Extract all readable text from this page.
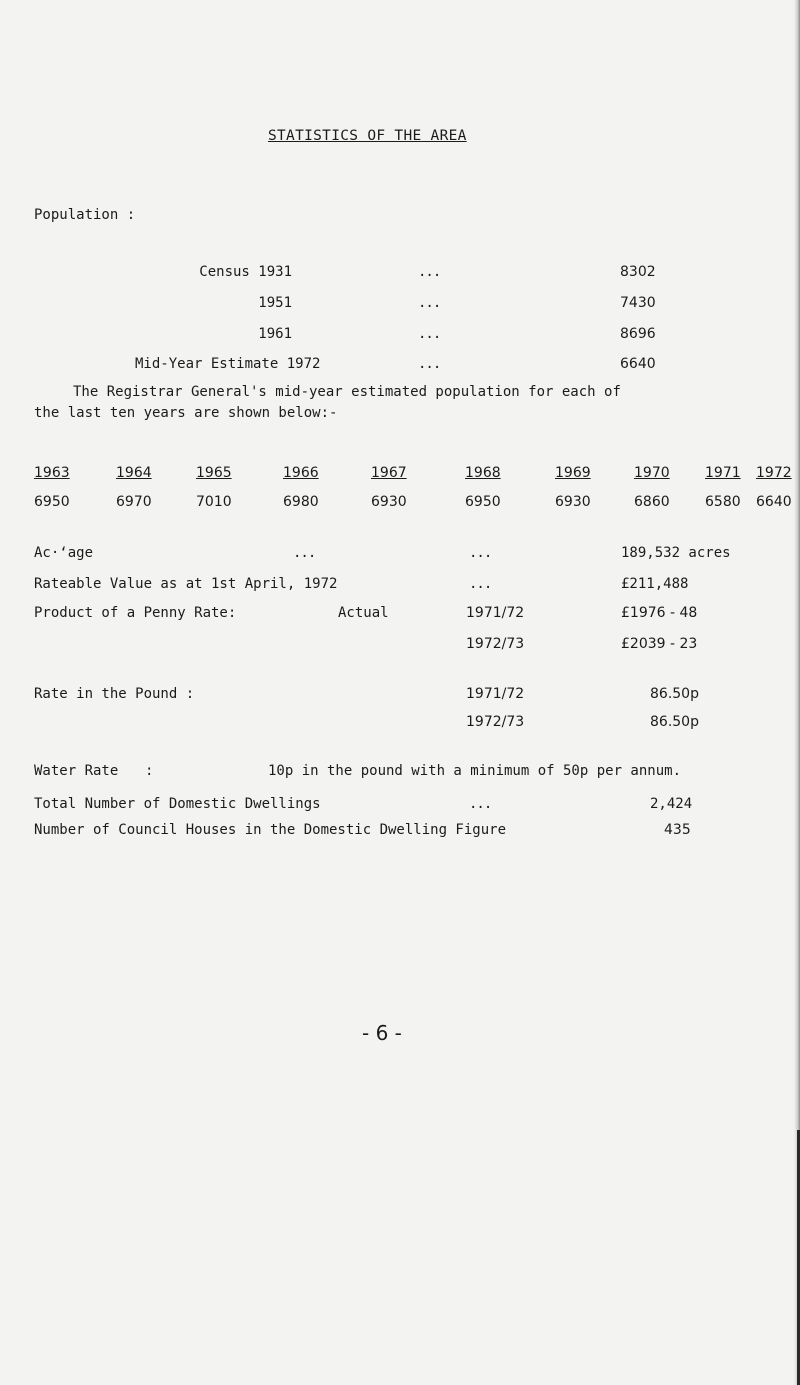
STATISTICS OF THE AREA
Population :
Census 1931	...	8302
1951	...	7430
1961	...	8696
Mid-Year Estimate 1972	...	6640
The Registrar General's mid-year estimated population for each of
the last ten years are shown below:-
1963	1964	1965	1966	1967	1968	1969	1970	1971 1972
6950	6970	7010	6980	6930	6950	6930	6860	6580 6640
Ac·ʻage	...	...	189,532 acres
Rateable Value as at 1st April, 1972	...	£211,488
Product of a Penny Rate:	Actual	1971/72	£1976 - 48
1972/73	£2039 - 23
Rate in the Pound :	1971/72	86.50p
1972/73	86.50p
Water Rate :	10p in the pound with a minimum of 50p per annum.
Total Number of Domestic Dwellings	...	2,424
Number of Council Houses in the Domestic Dwelling Figure	435
- 6 -
